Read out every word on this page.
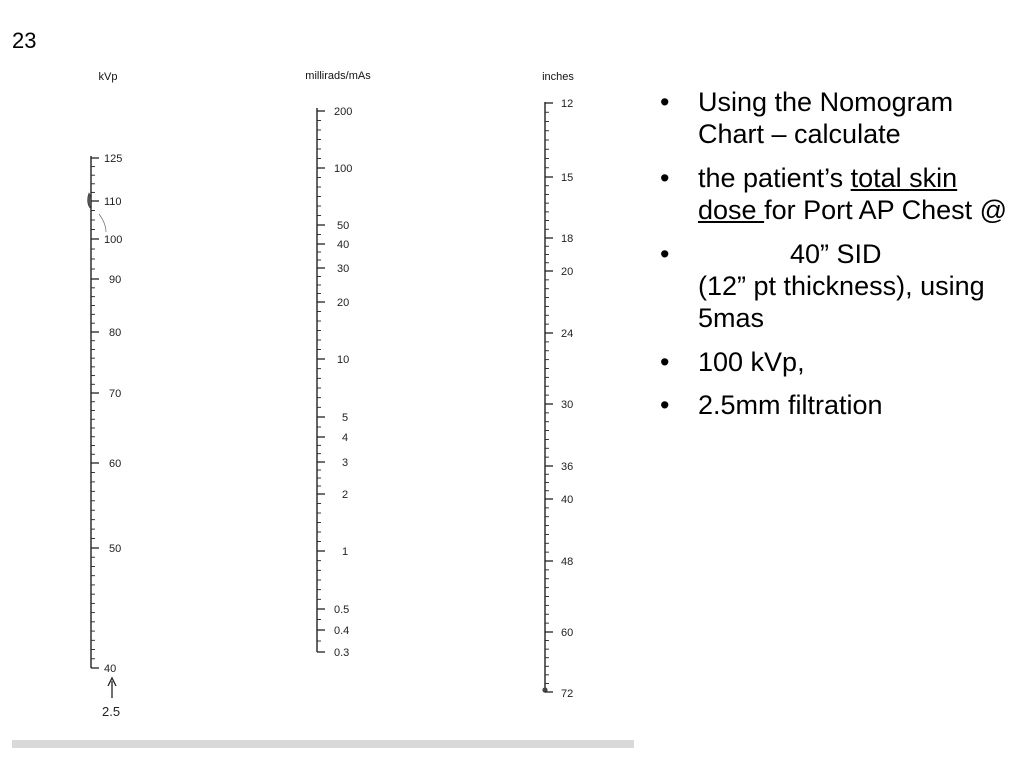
23
kVp	millirads/mAs	inches
125
110
100
90
80
70
60
50
40
2.5
200
100
50
40
30
20
10
5
4
3
2
1
0.5
0.4
0.3
12
15
18
20
24
30
36
40
48
60
72
• Using the Nomogram Chart – calculate
• the patient’s total skin dose for Port AP Chest @
• 40” SID
(12” pt thickness), using 5mas
• 100 kVp,
• 2.5mm filtration
